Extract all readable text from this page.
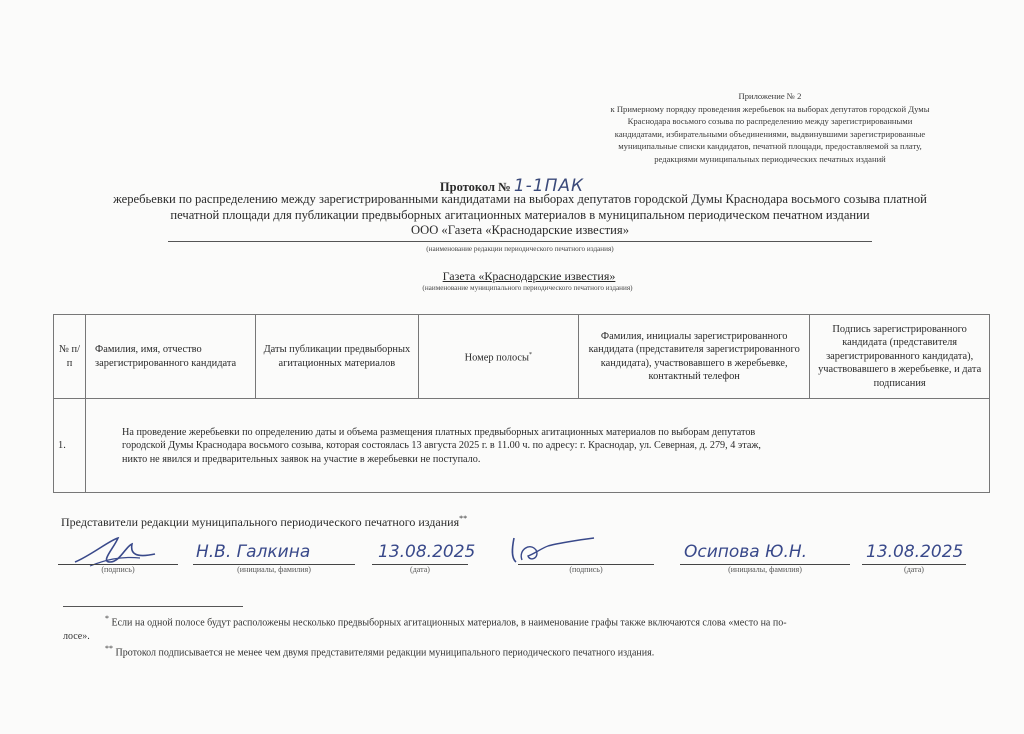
Приложение № 2
к Примерному порядку проведения жеребьевок на выборах депутатов городской Думы
Краснодара восьмого созыва по распределению между зарегистрированными
кандидатами, избирательными объединениями, выдвинувшими зарегистрированные
муниципальные списки кандидатов, печатной площади, предоставляемой за плату,
редакциями муниципальных периодических печатных изданий
Протокол № 1-1ПАК
жеребьевки по распределению между зарегистрированными кандидатами на выборах депутатов городской Думы Краснодара восьмого созыва платной
печатной площади для публикации предвыборных агитационных материалов в муниципальном периодическом печатном издании
ООО «Газета «Краснодарские известия»
(наименование редакции периодического печатного издания)
Газета «Краснодарские известия»
(наименование муниципального периодического печатного издания)
№ п/п	Фамилия, имя, отчество зарегистрированного кандидата	Даты публикации предвыборных агитационных материалов	Номер полосы*	Фамилия, инициалы зарегистрированного кандидата (представителя зарегистрированного кандидата), участвовавшего в жеребьевке, контактный телефон	Подпись зарегистрированного кандидата (представителя зарегистрированного кандидата), участвовавшего в жеребьевке, и дата подписания
1.	На проведение жеребьевки по определению даты и объема размещения платных предвыборных агитационных материалов по выборам депутатов
городской Думы Краснодара восьмого созыва, которая состоялась 13 августа 2025 г. в 11.00 ч. по адресу: г. Краснодар, ул. Северная, д. 279, 4 этаж,
никто не явился и предварительных заявок на участие в жеребьевки не поступало.				
Представители редакции муниципального периодического печатного издания**
(подпись)
Н.В. Галкина
(инициалы, фамилия)
13.08.2025
(дата)	(подпись)
Осипова Ю.Н.
(инициалы, фамилия)
13.08.2025
(дата)
* Если на одной полосе будут расположены несколько предвыборных агитационных материалов, в наименование графы также включаются слова «место на по-
лосе».
** Протокол подписывается не менее чем двумя представителями редакции муниципального периодического печатного издания.
